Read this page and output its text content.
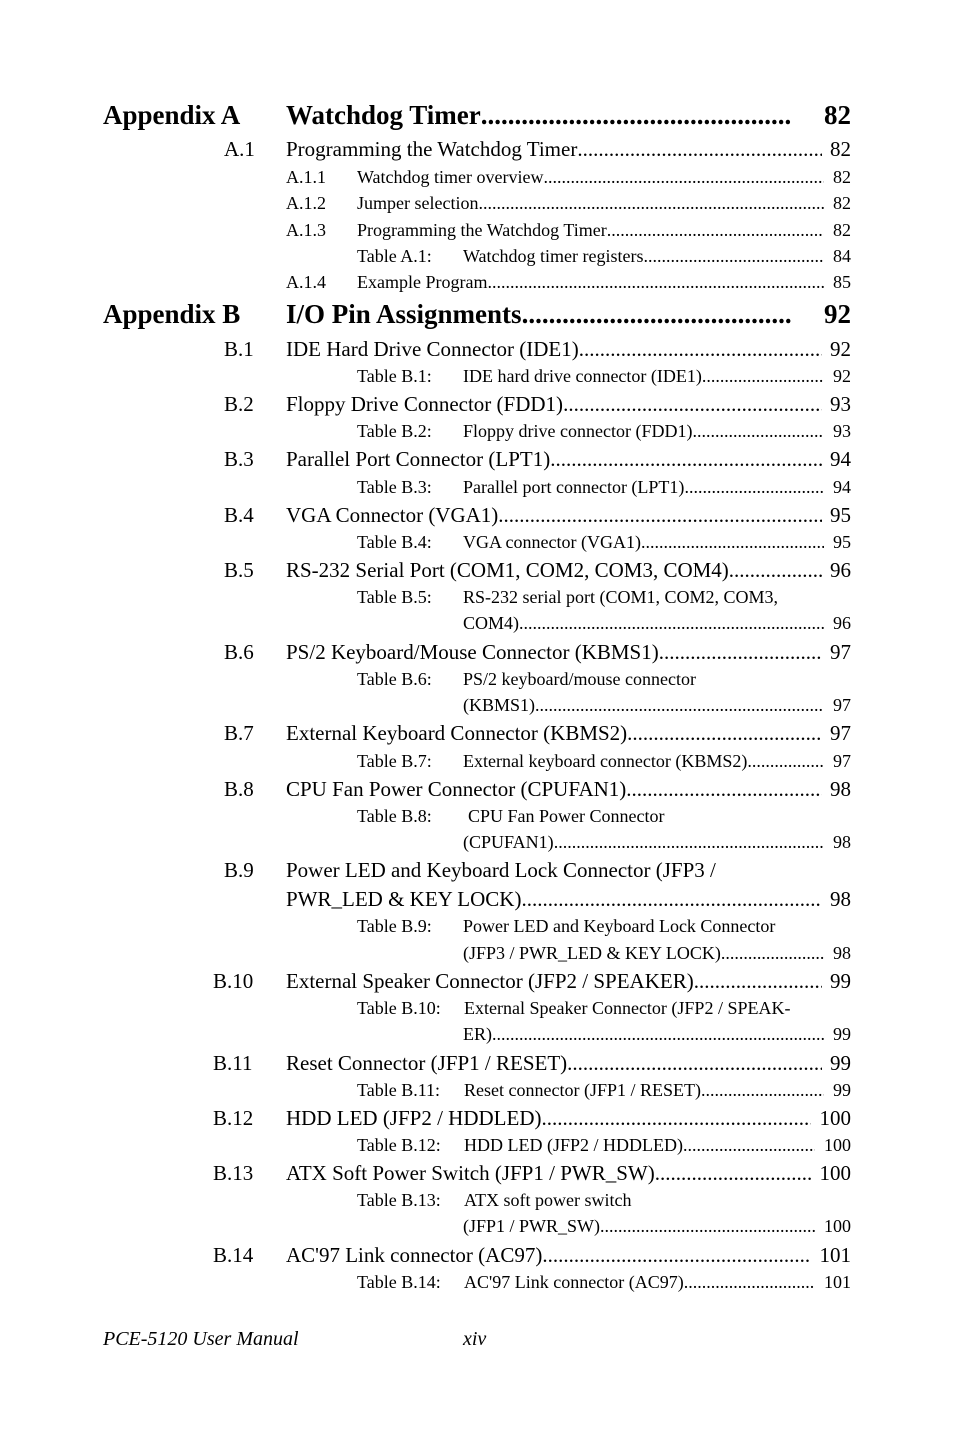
Appendix A Watchdog Timer .....	82
A.1 Programming the Watchdog Timer .....	82
A.1.1 Watchdog timer overview .....	82
A.1.2 Jumper selection .....	82
A.1.3 Programming the Watchdog Timer .....	82
Table A.1: Watchdog timer registers .....	84
A.1.4 Example Program .....	85
Appendix B I/O Pin Assignments .....	92
B.1 IDE Hard Drive Connector (IDE1) .....	92
Table B.1: IDE hard drive connector (IDE1) .....	92
B.2 Floppy Drive Connector (FDD1) .....	93
Table B.2: Floppy drive connector (FDD1) .....	93
B.3 Parallel Port Connector (LPT1) .....	94
Table B.3: Parallel port connector (LPT1) .....	94
B.4 VGA Connector (VGA1) .....	95
Table B.4: VGA connector (VGA1) .....	95
B.5 RS-232 Serial Port (COM1, COM2, COM3, COM4) .....	96
Table B.5: RS-232 serial port (COM1, COM2, COM3,
COM4) .....	96
B.6 PS/2 Keyboard/Mouse Connector (KBMS1) .....	97
Table B.6: PS/2 keyboard/mouse connector
(KBMS1) .....	97
B.7 External Keyboard Connector (KBMS2) .....	97
Table B.7: External keyboard connector (KBMS2) .....	97
B.8 CPU Fan Power Connector (CPUFAN1) .....	98
Table B.8: CPU Fan Power Connector
(CPUFAN1) .....	98
B.9 Power LED and Keyboard Lock Connector (JFP3 /
PWR_LED & KEY LOCK) .....	98
Table B.9: Power LED and Keyboard Lock Connector
(JFP3 / PWR_LED & KEY LOCK) .....	98
B.10 External Speaker Connector (JFP2 / SPEAKER) .....	99
Table B.10: External Speaker Connector (JFP2 / SPEAK-
ER) .....	99
B.11 Reset Connector (JFP1 / RESET) .....	99
Table B.11: Reset connector (JFP1 / RESET) .....	99
B.12 HDD LED (JFP2 / HDDLED) .....	100
Table B.12: HDD LED (JFP2 / HDDLED) .....	100
B.13 ATX Soft Power Switch (JFP1 / PWR_SW) .....	100
Table B.13: ATX soft power switch
(JFP1 / PWR_SW) .....	100
B.14 AC'97 Link connector (AC97) .....	101
Table B.14: AC'97 Link connector (AC97) .....	101
PCE-5120 User Manual	xiv
